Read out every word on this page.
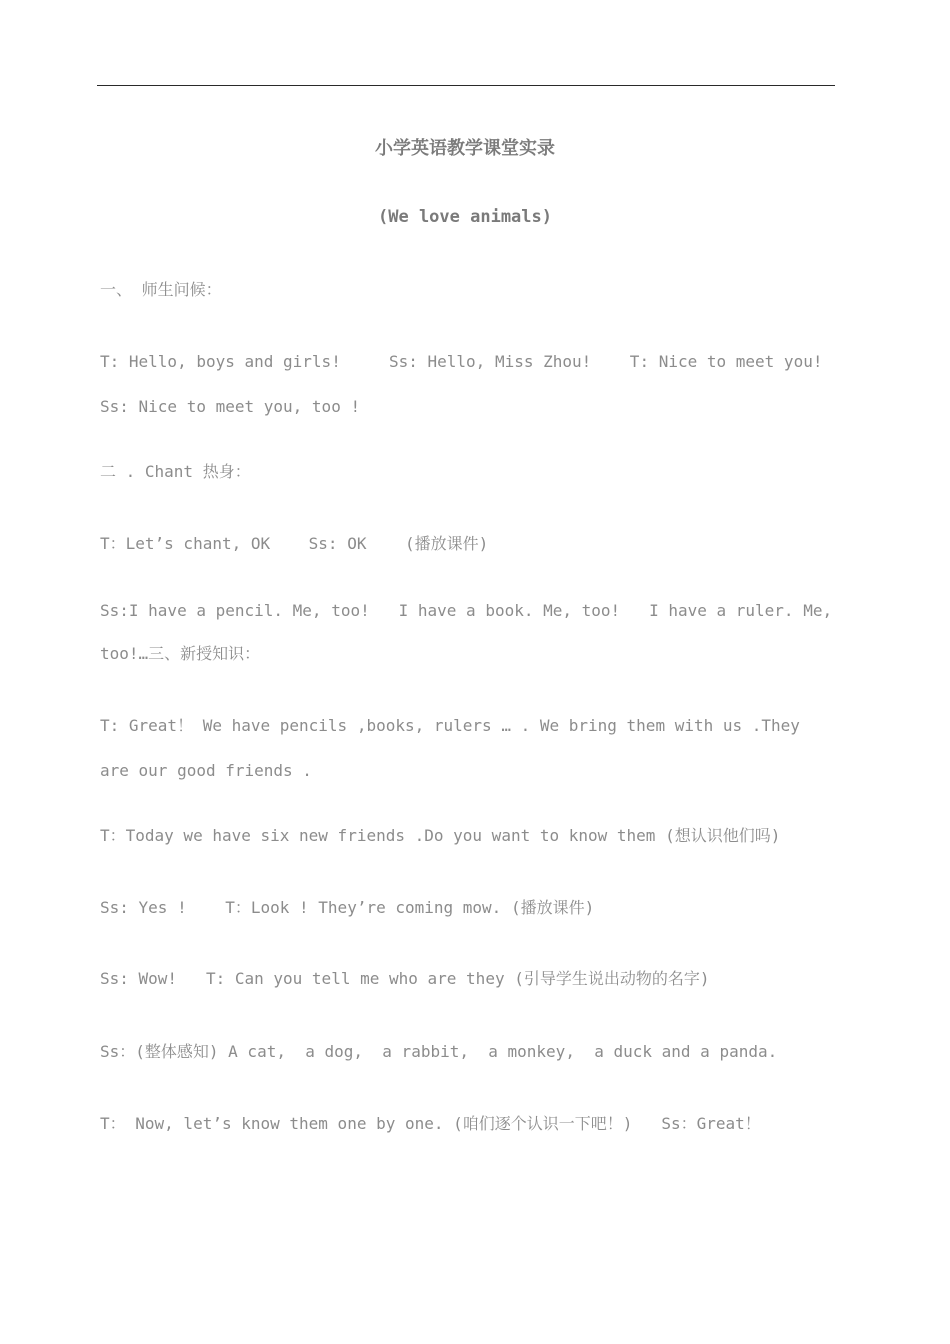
小学英语教学课堂实录
(We love animals)
一、 师生问候：
T: Hello, boys and girls!     Ss: Hello, Miss Zhou!    T: Nice to meet you!
Ss: Nice to meet you, too !
二 . Chant 热身：
T：Let’s chant, OK    Ss: OK    (播放课件)
Ss:I have a pencil. Me, too!   I have a book. Me, too!   I have a ruler. Me,
too!…三、新授知识：
T: Great！ We have pencils ,books, rulers … . We bring them with us .They
are our good friends .
T：Today we have six new friends .Do you want to know them (想认识他们吗)
Ss: Yes !    T：Look ! They’re coming mow. (播放课件)
Ss: Wow!   T: Can you tell me who are they (引导学生说出动物的名字)
Ss：(整体感知) A cat,  a dog,  a rabbit,  a monkey,  a duck and a panda.
T： Now, let’s know them one by one. (咱们逐个认识一下吧！)   Ss：Great！
